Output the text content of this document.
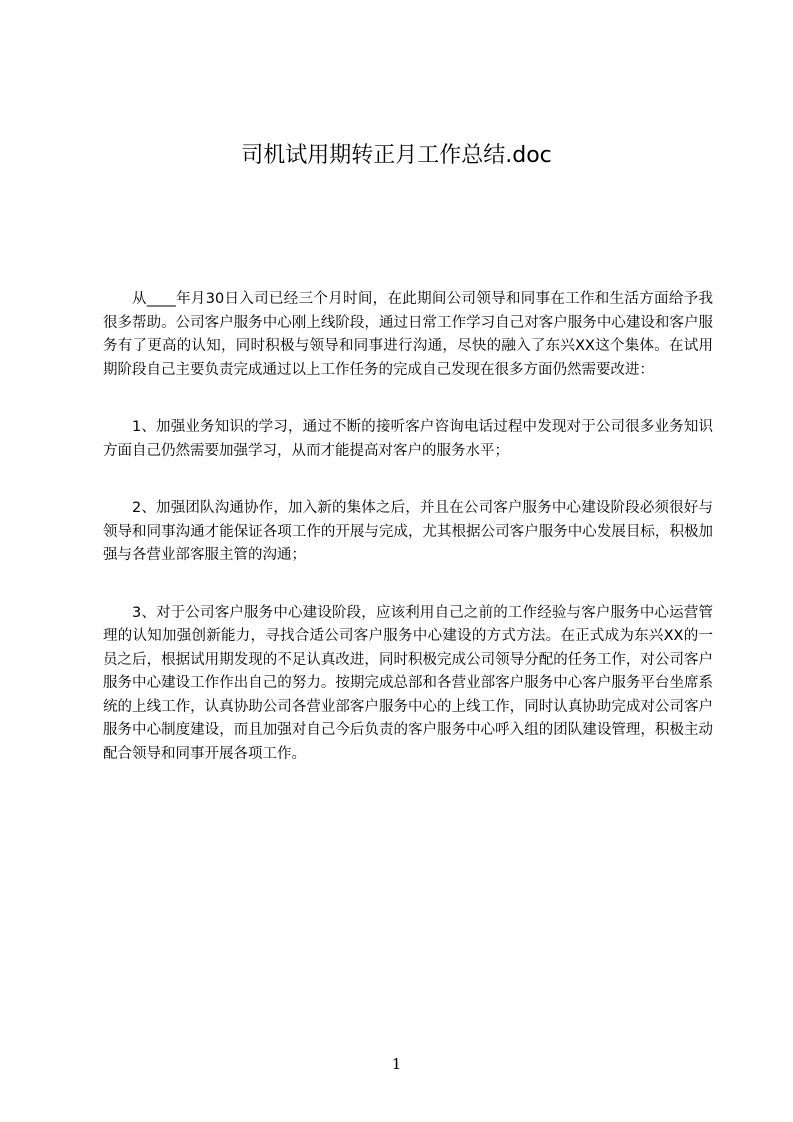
司机试用期转正月工作总结.doc

从____年月30日入司已经三个月时间，在此期间公司领导和同事在工作和生活方面给予我很多帮助。公司客户服务中心刚上线阶段，通过日常工作学习自己对客户服务中心建设和客户服务有了更高的认知，同时积极与领导和同事进行沟通，尽快的融入了东兴XX这个集体。在试用期阶段自己主要负责完成通过以上工作任务的完成自己发现在很多方面仍然需要改进：

1、加强业务知识的学习，通过不断的接听客户咨询电话过程中发现对于公司很多业务知识方面自己仍然需要加强学习，从而才能提高对客户的服务水平；

2、加强团队沟通协作，加入新的集体之后，并且在公司客户服务中心建设阶段必须很好与领导和同事沟通才能保证各项工作的开展与完成，尤其根据公司客户服务中心发展目标，积极加强与各营业部客服主管的沟通；

3、对于公司客户服务中心建设阶段，应该利用自己之前的工作经验与客户服务中心运营管理的认知加强创新能力，寻找合适公司客户服务中心建设的方式方法。在正式成为东兴XX的一员之后，根据试用期发现的不足认真改进，同时积极完成公司领导分配的任务工作，对公司客户服务中心建设工作作出自己的努力。按期完成总部和各营业部客户服务中心客户服务平台坐席系统的上线工作，认真协助公司各营业部客户服务中心的上线工作，同时认真协助完成对公司客户服务中心制度建设，而且加强对自己今后负责的客户服务中心呼入组的团队建设管理，积极主动配合领导和同事开展各项工作。

1
